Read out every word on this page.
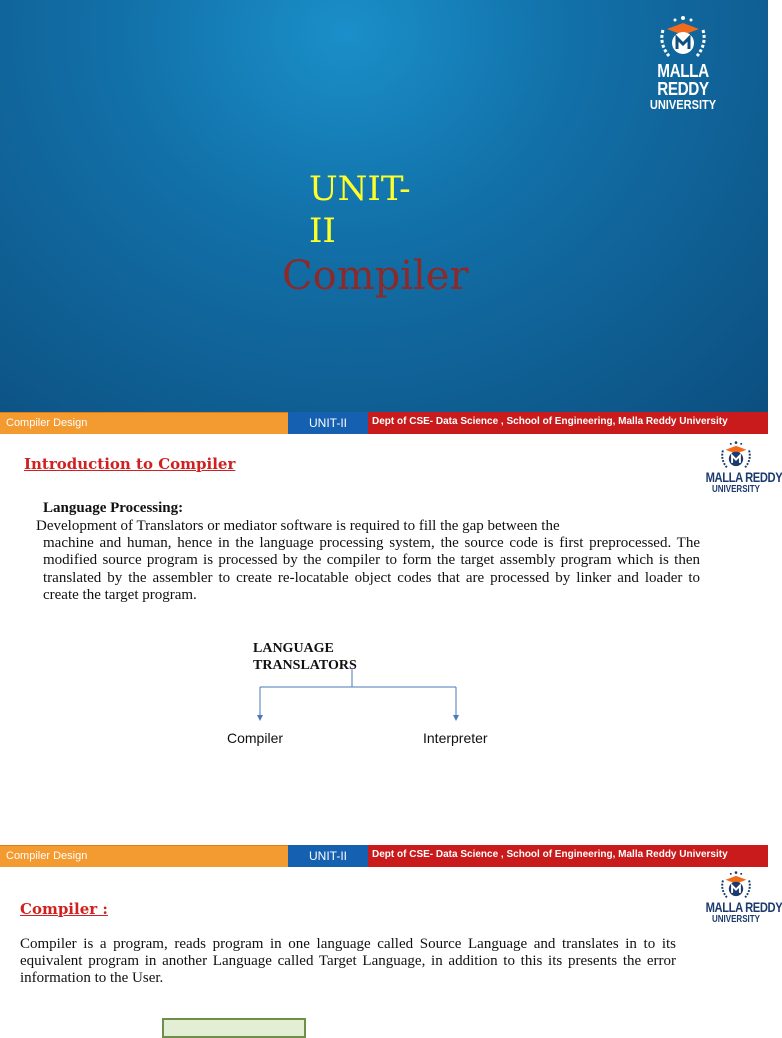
UNIT-II
Compiler
MALLA REDDY
UNIVERSITY
Compiler Design	UNIT-II	Dept of CSE- Data Science , School of Engineering, Malla Reddy University
Introduction to Compiler
MALLA REDDY
UNIVERSITY
Language Processing:
Development of Translators or mediator software is required to fill the gap between the
machine and human, hence in the language processing system, the source code is first preprocessed. The modified source program is processed by the compiler to form the target assembly program which is then translated by the assembler to create re-locatable object codes that are processed by linker and loader to create the target program.
LANGUAGE TRANSLATORS
Compiler	Interpreter
Compiler Design	UNIT-II	Dept of CSE- Data Science , School of Engineering, Malla Reddy University
Compiler :	MALLA REDDY
UNIVERSITY
Compiler is a program, reads program in one language called Source Language and translates in to its equivalent program in another Language called Target Language, in addition to this its presents the error information to the User.
